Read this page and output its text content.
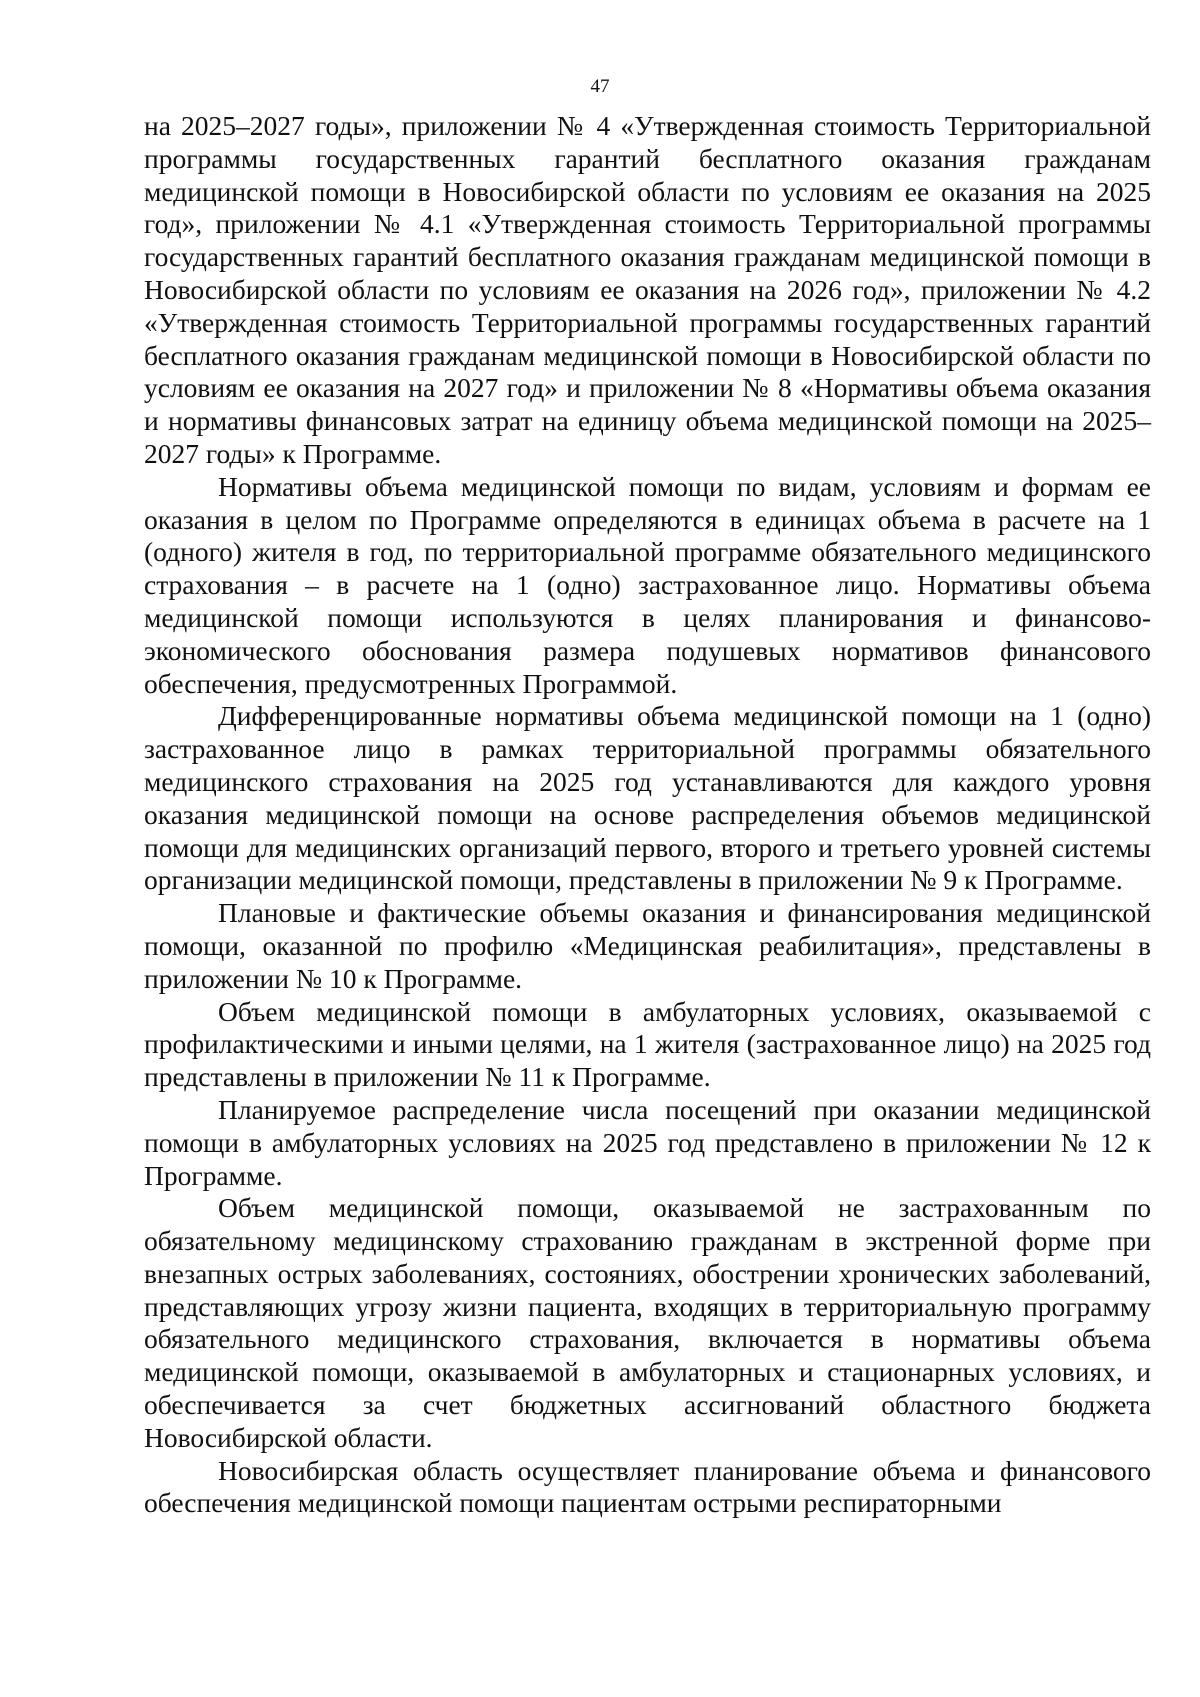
47

на 2025–2027 годы», приложении № 4 «Утвержденная стоимость Территориальной программы государственных гарантий бесплатного оказания гражданам медицинской помощи в Новосибирской области по условиям ее оказания на 2025 год», приложении № 4.1 «Утвержденная стоимость Территориальной программы государственных гарантий бесплатного оказания гражданам медицинской помощи в Новосибирской области по условиям ее оказания на 2026 год», приложении № 4.2 «Утвержденная стоимость Территориальной программы государственных гарантий бесплатного оказания гражданам медицинской помощи в Новосибирской области по условиям ее оказания на 2027 год» и приложении № 8 «Нормативы объема оказания и нормативы финансовых затрат на единицу объема медицинской помощи на 2025–2027 годы» к Программе.

Нормативы объема медицинской помощи по видам, условиям и формам ее оказания в целом по Программе определяются в единицах объема в расчете на 1 (одного) жителя в год, по территориальной программе обязательного медицинского страхования – в расчете на 1 (одно) застрахованное лицо. Нормативы объема медицинской помощи используются в целях планирования и финансово-экономического обоснования размера подушевых нормативов финансового обеспечения, предусмотренных Программой.

Дифференцированные нормативы объема медицинской помощи на 1 (одно) застрахованное лицо в рамках территориальной программы обязательного медицинского страхования на 2025 год устанавливаются для каждого уровня оказания медицинской помощи на основе распределения объемов медицинской помощи для медицинских организаций первого, второго и третьего уровней системы организации медицинской помощи, представлены в приложении № 9 к Программе.

Плановые и фактические объемы оказания и финансирования медицинской помощи, оказанной по профилю «Медицинская реабилитация», представлены в приложении № 10 к Программе.

Объем медицинской помощи в амбулаторных условиях, оказываемой с профилактическими и иными целями, на 1 жителя (застрахованное лицо) на 2025 год представлены в приложении № 11 к Программе.

Планируемое распределение числа посещений при оказании медицинской помощи в амбулаторных условиях на 2025 год представлено в приложении № 12 к Программе.

Объем медицинской помощи, оказываемой не застрахованным по обязательному медицинскому страхованию гражданам в экстренной форме при внезапных острых заболеваниях, состояниях, обострении хронических заболеваний, представляющих угрозу жизни пациента, входящих в территориальную программу обязательного медицинского страхования, включается в нормативы объема медицинской помощи, оказываемой в амбулаторных и стационарных условиях, и обеспечивается за счет бюджетных ассигнований областного бюджета Новосибирской области.

Новосибирская область осуществляет планирование объема и финансового обеспечения медицинской помощи пациентам острыми респираторными
